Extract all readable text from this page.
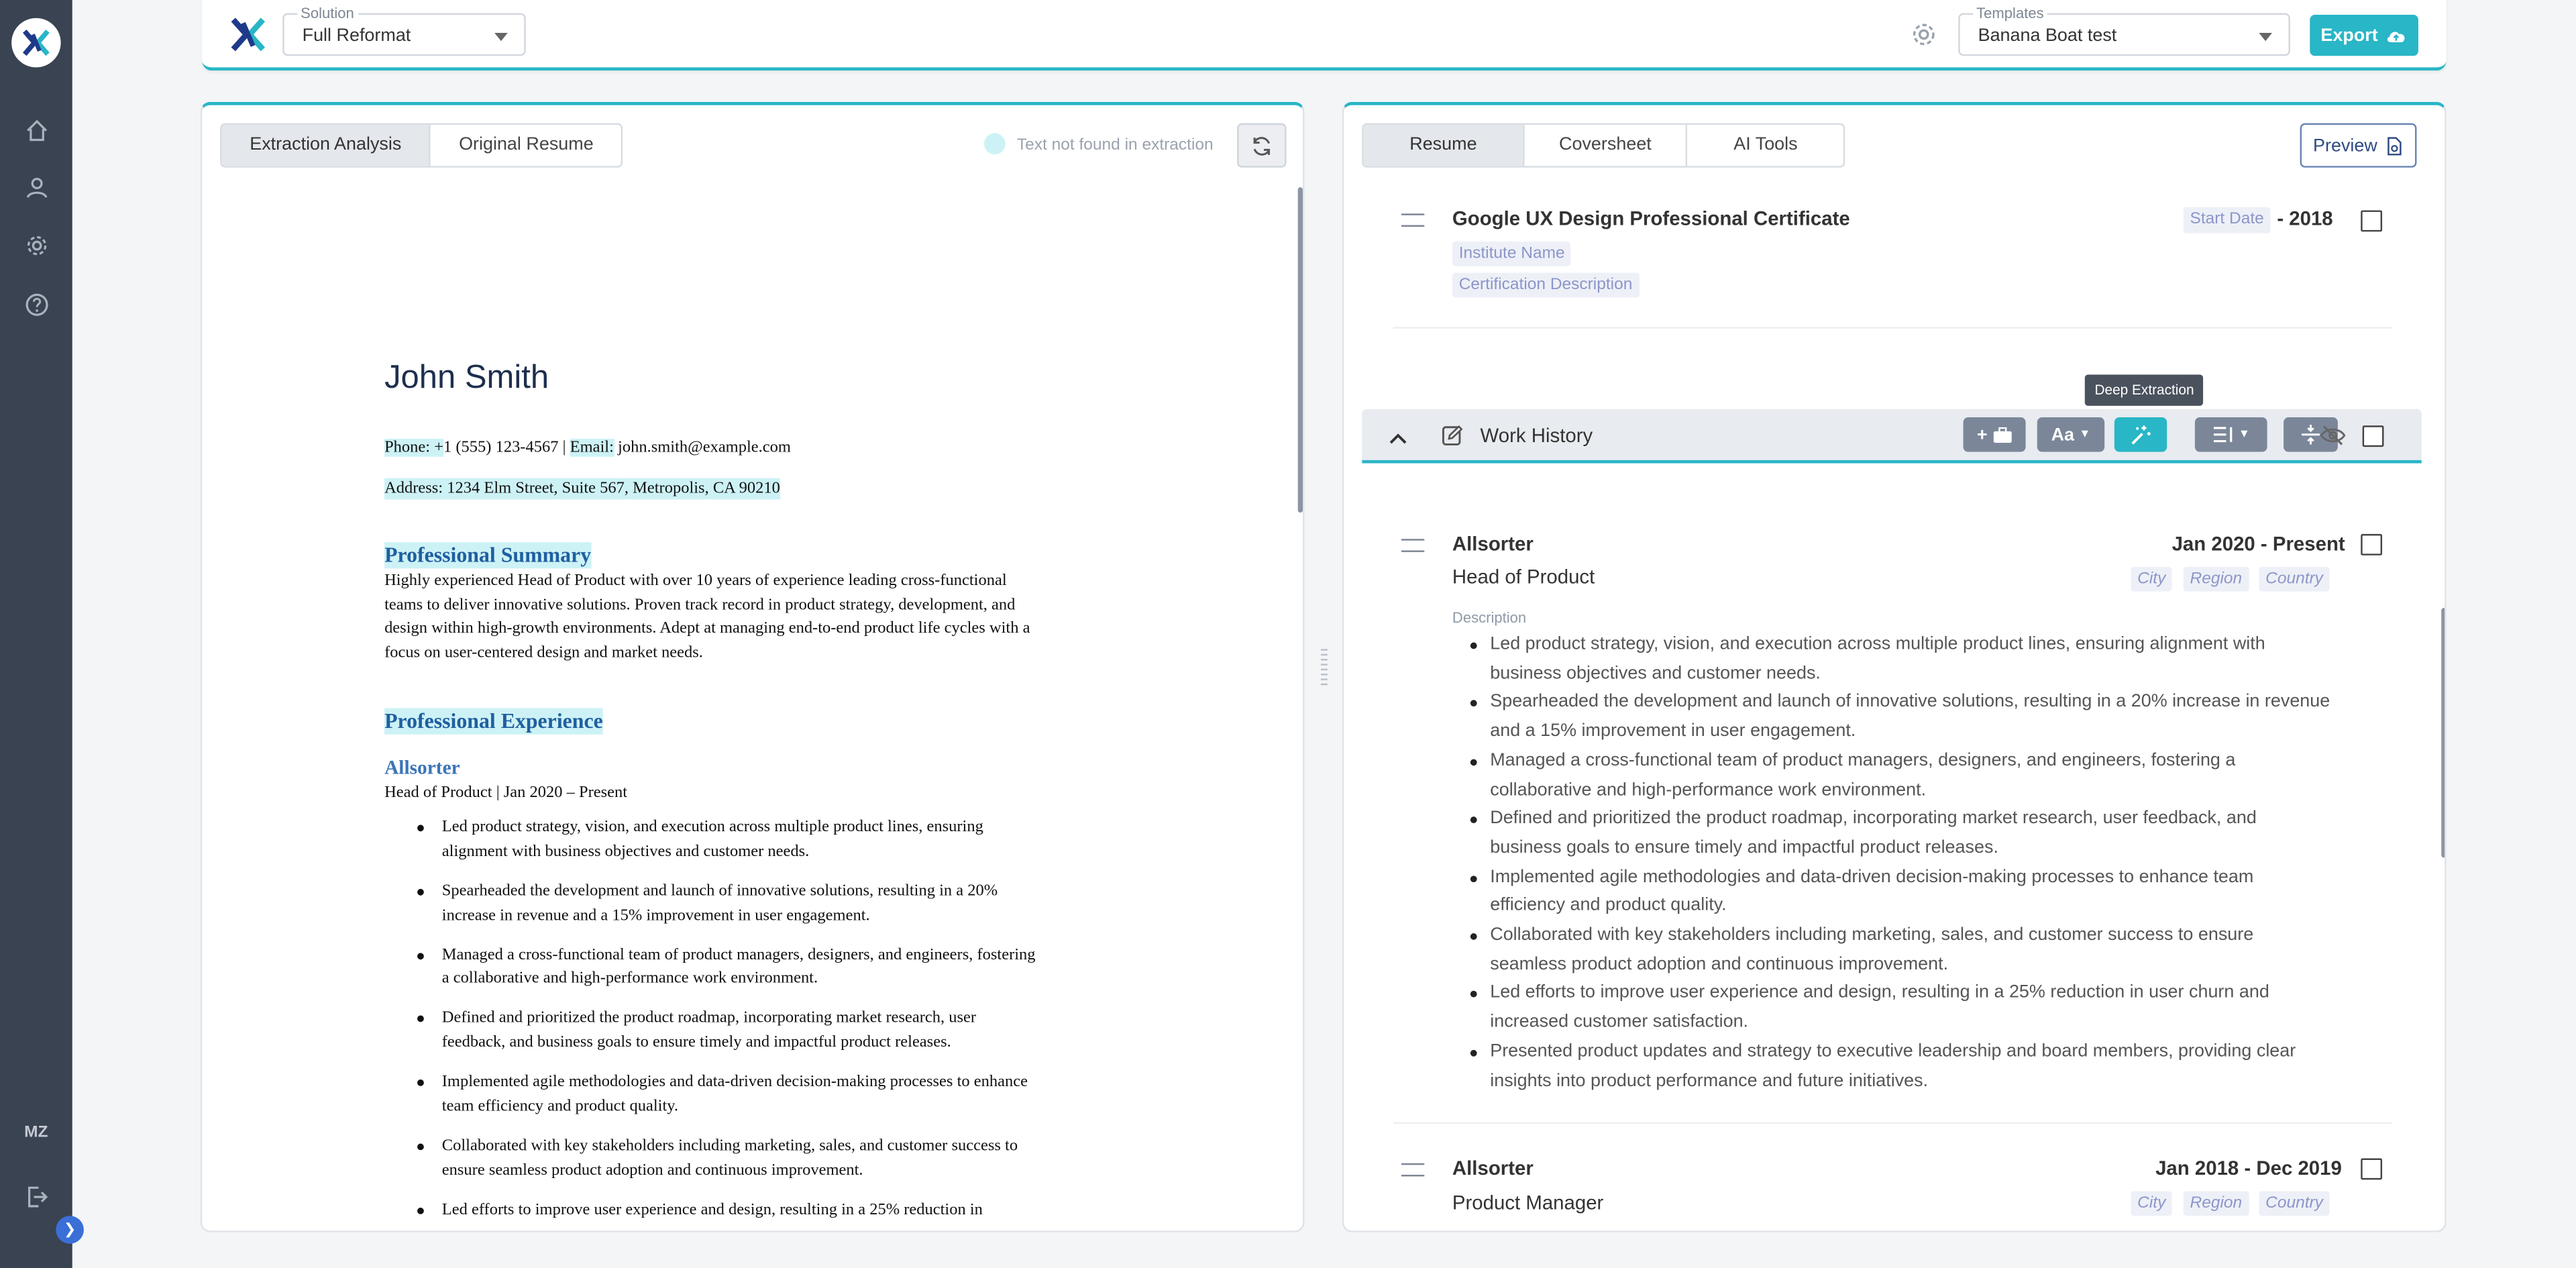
MZ
❯
Solution
Full Reformat
Templates
Banana Boat test	Export
Extraction Analysis	Original Resume	Text not found in extraction
John Smith
Phone: +1 (555) 123-4567 | Email: john.smith@example.com
Address: 1234 Elm Street, Suite 567, Metropolis, CA 90210
Professional Summary
Highly experienced Head of Product with over 10 years of experience leading cross-functional teams to deliver innovative solutions. Proven track record in product strategy, development, and design within high-growth environments. Adept at managing end-to-end product life cycles with a focus on user-centered design and market needs.
Professional Experience
Allsorter
Head of Product | Jan 2020 – Present
Led product strategy, vision, and execution across multiple product lines, ensuring alignment with business objectives and customer needs.
Spearheaded the development and launch of innovative solutions, resulting in a 20% increase in revenue and a 15% improvement in user engagement.
Managed a cross-functional team of product managers, designers, and engineers, fostering a collaborative and high-performance work environment.
Defined and prioritized the product roadmap, incorporating market research, user feedback, and business goals to ensure timely and impactful product releases.
Implemented agile methodologies and data-driven decision-making processes to enhance team efficiency and product quality.
Collaborated with key stakeholders including marketing, sales, and customer success to ensure seamless product adoption and continuous improvement.
Led efforts to improve user experience and design, resulting in a 25% reduction in
Resume	Coversheet	AI Tools	Preview
Google UX Design Professional Certificate	Start Date	- 2018
Institute Name
Certification Description
Deep Extraction
Work History	+	Aa ▼	▼
Allsorter	Jan 2020 - Present
Head of Product	City	Region	Country
Description
Led product strategy, vision, and execution across multiple product lines, ensuring alignment with business objectives and customer needs.
Spearheaded the development and launch of innovative solutions, resulting in a 20% increase in revenue and a 15% improvement in user engagement.
Managed a cross-functional team of product managers, designers, and engineers, fostering a collaborative and high-performance work environment.
Defined and prioritized the product roadmap, incorporating market research, user feedback, and business goals to ensure timely and impactful product releases.
Implemented agile methodologies and data-driven decision-making processes to enhance team efficiency and product quality.
Collaborated with key stakeholders including marketing, sales, and customer success to ensure seamless product adoption and continuous improvement.
Led efforts to improve user experience and design, resulting in a 25% reduction in user churn and increased customer satisfaction.
Presented product updates and strategy to executive leadership and board members, providing clear insights into product performance and future initiatives.
Allsorter	Jan 2018 - Dec 2019
Product Manager	City	Region	Country
